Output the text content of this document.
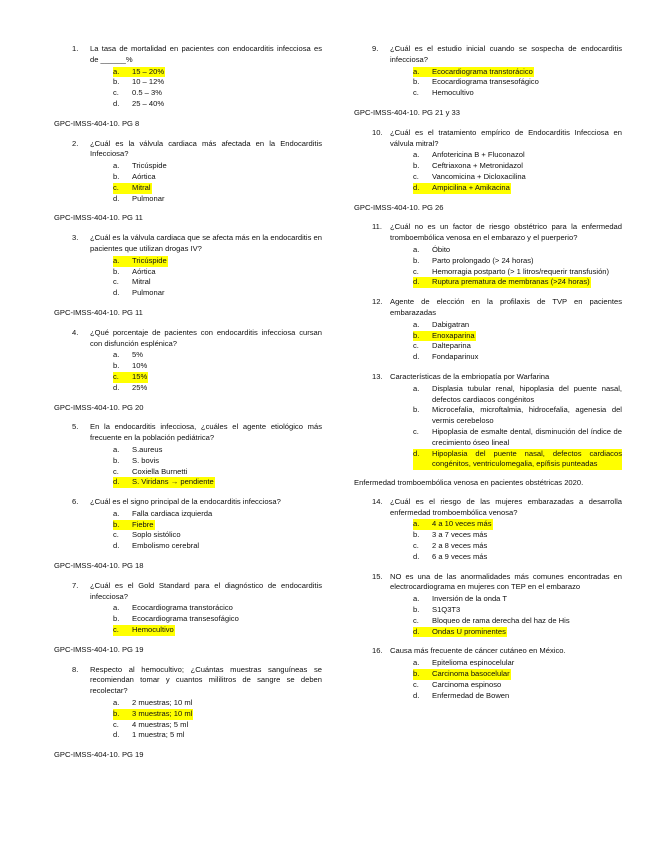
1.	La tasa de mortalidad en pacientes con endocarditis infecciosa es de ______%
a.	15 – 20%
b.	10 – 12%
c.	0.5 – 3%
d.	25 – 40%
GPC-IMSS-404-10. PG 8
2.	¿Cuál es la válvula cardiaca más afectada en la Endocarditis Infecciosa?
a.	Tricúspide
b.	Aórtica
c.	Mitral
d.	Pulmonar
GPC-IMSS-404-10. PG 11
3.	¿Cuál es la válvula cardiaca que se afecta más en la endocarditis en pacientes que utilizan drogas IV?
a.	Tricúspide
b.	Aórtica
c.	Mitral
d.	Pulmonar
GPC-IMSS-404-10. PG 11
4.	¿Qué porcentaje de pacientes con endocarditis infecciosa cursan con disfunción esplénica?
a.	5%
b.	10%
c.	15%
d.	25%
GPC-IMSS-404-10. PG 20
5.	En la endocarditis infecciosa, ¿cuáles el agente etiológico más frecuente en la población pediátrica?
a.	S.aureus
b.	S. bovis
c.	Coxiella Burnetti
d.	S. Viridans → pendiente
6.	¿Cuál es el signo principal de la endocarditis infecciosa?
a.	Falla cardiaca izquierda
b.	Fiebre
c.	Soplo sistólico
d.	Embolismo cerebral
GPC-IMSS-404-10. PG 18
7.	¿Cuál es el Gold Standard para el diagnóstico de endocarditis infecciosa?
a.	Ecocardiograma transtorácico
b.	Ecocardiograma transesofágico
c.	Hemocultivo
GPC-IMSS-404-10. PG 19
8.	Respecto al hemocultivo; ¿Cuántas muestras sanguíneas se recomiendan tomar y cuantos mililitros de sangre se deben recolectar?
a.	2 muestras; 10 ml
b.	3 muestras; 10 ml
c.	4 muestras; 5 ml
d.	1 muestra; 5 ml
GPC-IMSS-404-10. PG 19
9.	¿Cuál es el estudio inicial cuando se sospecha de endocarditis infecciosa?
a.	Ecocardiograma transtorácico
b.	Ecocardiograma transesofágico
c.	Hemocultivo
GPC-IMSS-404-10. PG 21 y 33
10. ¿Cuál es el tratamiento empírico de Endocarditis Infecciosa en válvula mitral?
a.	Anfotericina B + Fluconazol
b.	Ceftriaxona + Metronidazol
c.	Vancomicina + Dicloxacilina
d.	Ampicilina + Amikacina
GPC-IMSS-404-10. PG 26
11.	¿Cuál no es un factor de riesgo obstétrico para la enfermedad tromboembólica venosa en el embarazo y el puerperio?
a.	Óbito
b.	Parto prolongado (> 24 horas)
c.	Hemorragia postparto (> 1 litros/requerir transfusión)
d.	Ruptura prematura de membranas (>24 horas)
12. Agente de elección en la profilaxis de TVP en pacientes embarazadas
a.	Dabigatran
b.	Enoxaparina
c.	Dalteparina
d.	Fondaparinux
13. Características de la embriopatía por Warfarina
a.	Displasia tubular renal, hipoplasia del puente nasal, defectos cardiacos congénitos
b.	Microcefalia, microftalmia, hidrocefalia, agenesia del vermis cerebeloso
c.	Hipoplasia de esmalte dental, disminución del índice de crecimiento óseo lineal
d.	Hipoplasia del puente nasal, defectos cardiacos congénitos, ventriculomegalia, epífisis punteadas
Enfermedad tromboembólica venosa en pacientes obstétricas 2020.
14. ¿Cuál es el riesgo de las mujeres embarazadas a desarrolla enfermedad tromboembólica venosa?
a.	4 a 10 veces más
b.	3 a 7 veces más
c.	2 a 8 veces más
d.	6 a 9 veces más
15. NO es una de las anormalidades más comunes encontradas en electrocardiograma en mujeres con TEP en el embarazo
a.	Inversión de la onda T
b.	S1Q3T3
c.	Bloqueo de rama derecha del haz de His
d.	Ondas U prominentes
16. Causa más frecuente de cáncer cutáneo en México.
a.	Epitelioma espinocelular
b.	Carcinoma basocelular
c.	Carcinoma espinoso
d.	Enfermedad de Bowen
